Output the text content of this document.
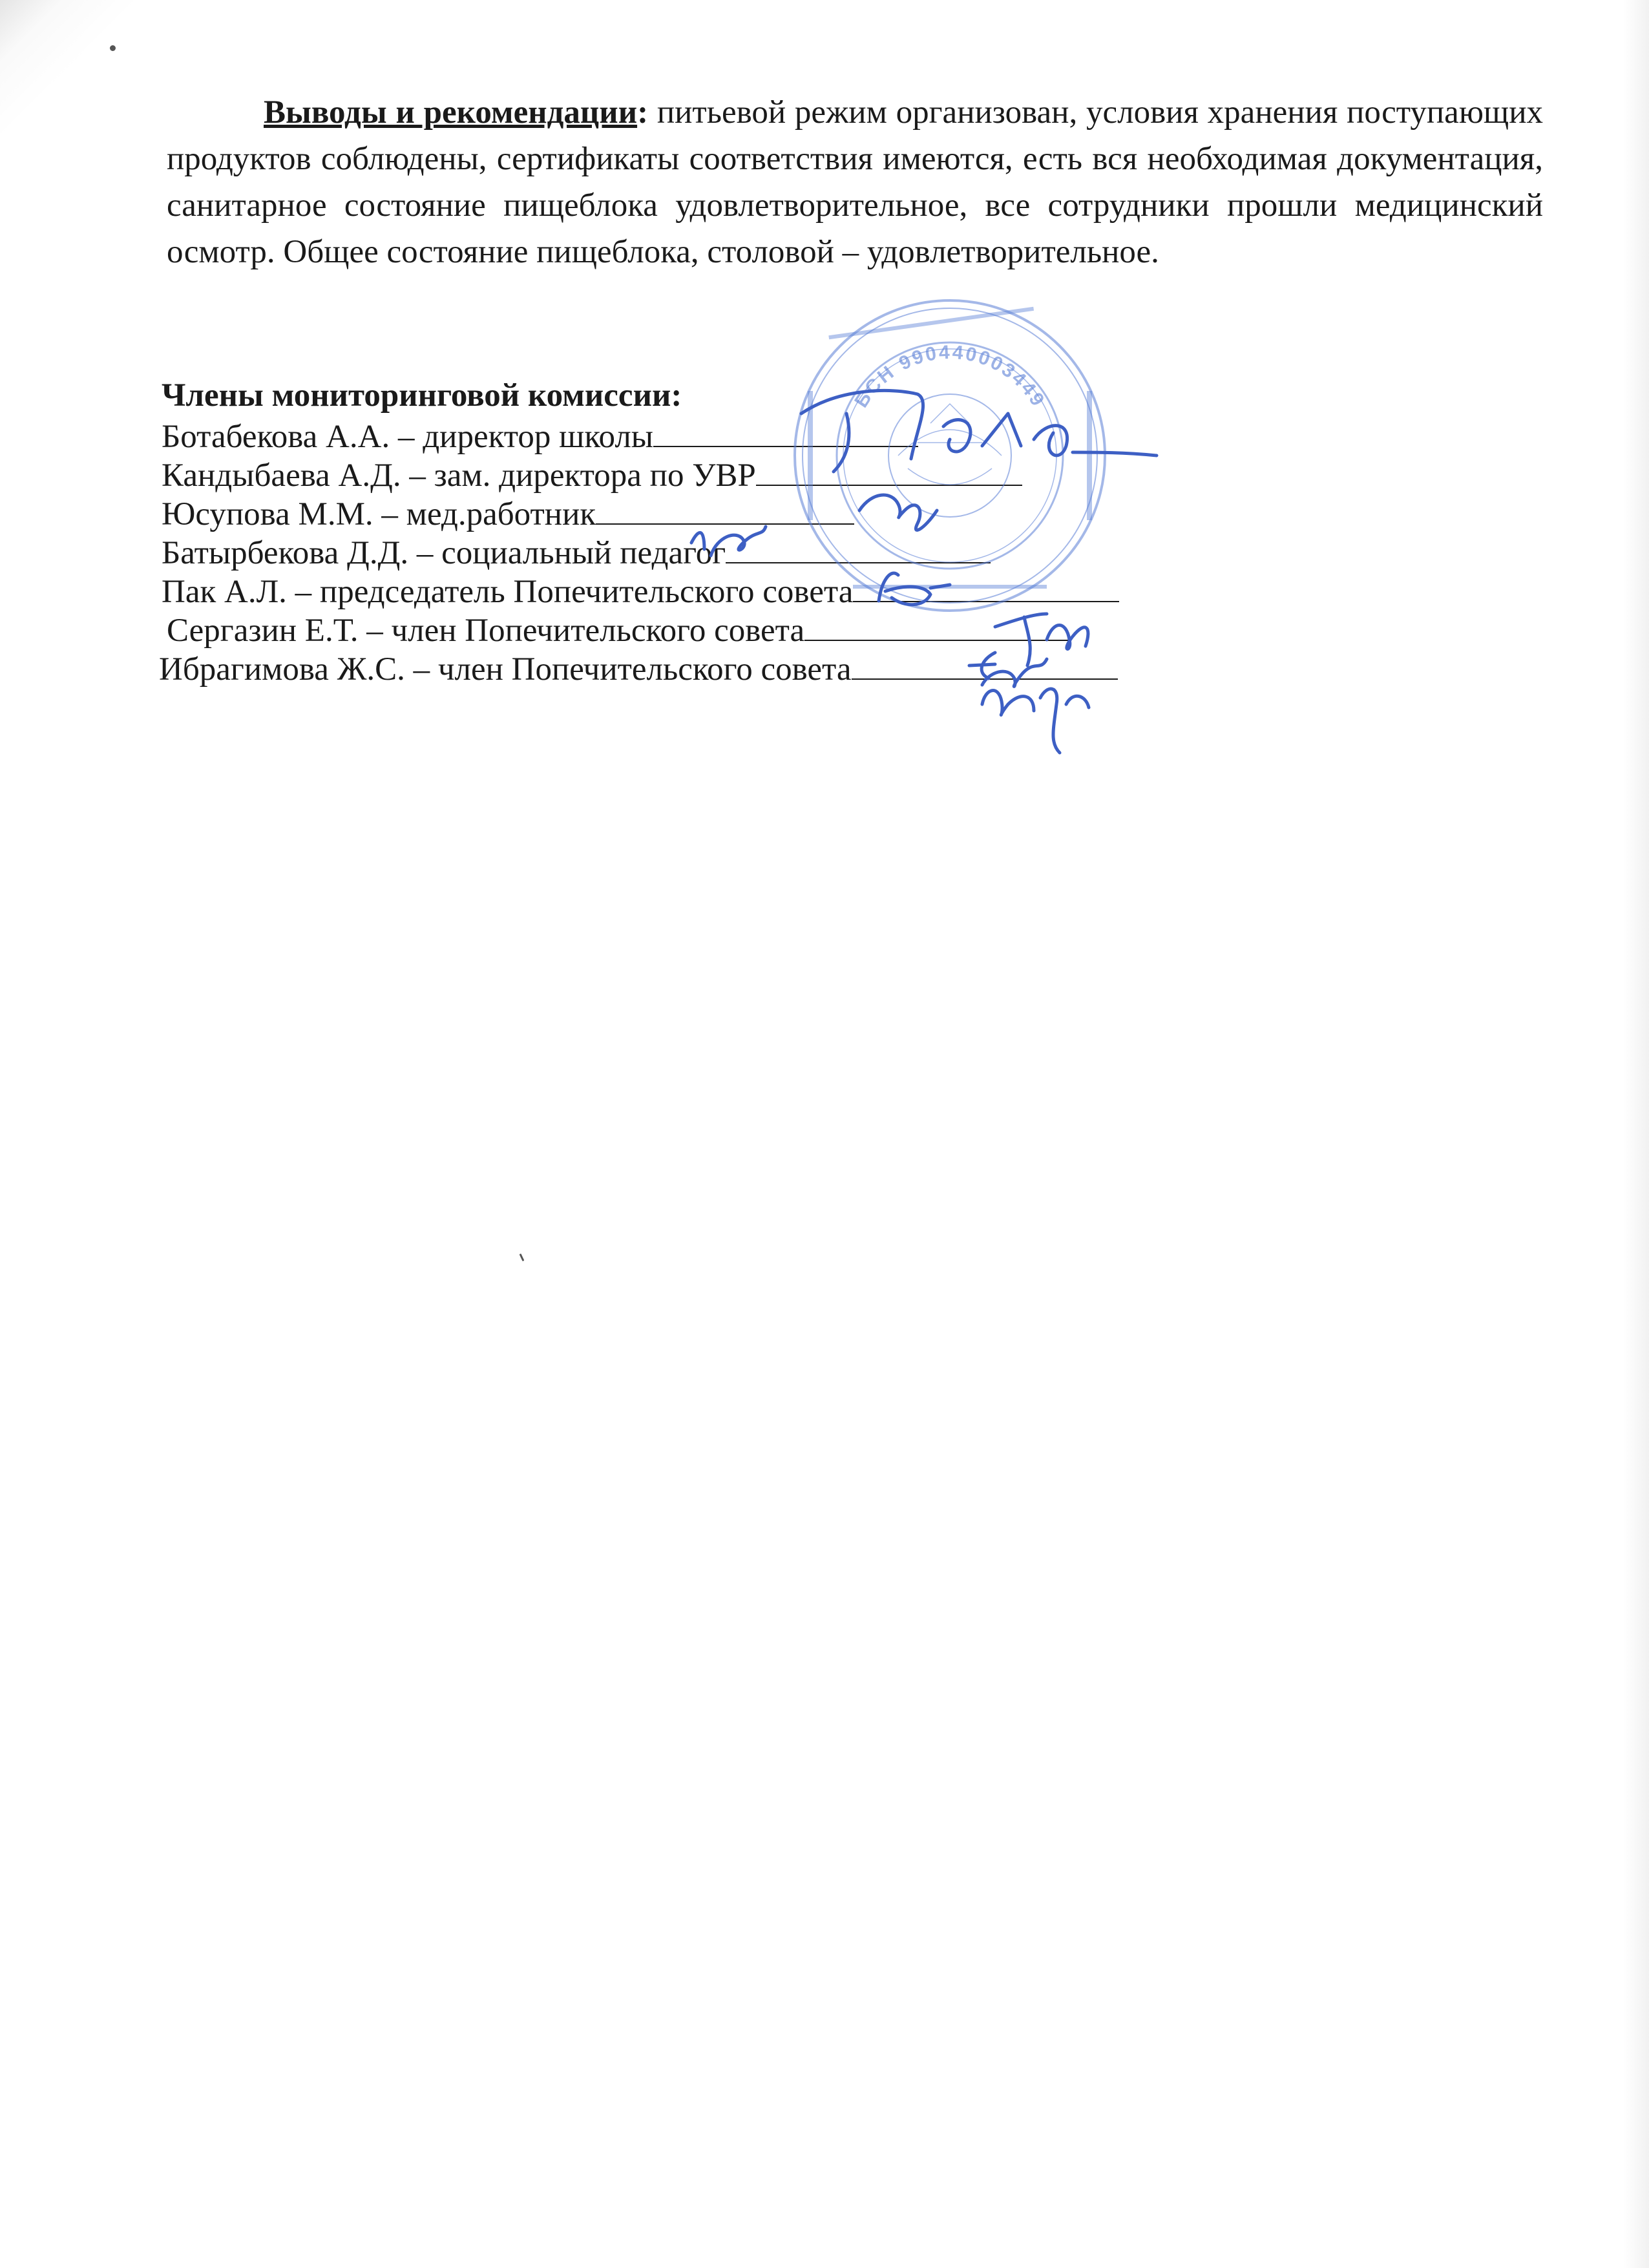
Выводы и рекомендации: питьевой режим организован, условия хранения поступающих продуктов соблюдены, сертификаты соответствия имеются, есть вся необходимая документация, санитарное состояние пищеблока удовлетворительное, все сотрудники прошли медицинский осмотр. Общее состояние пищеблока, столовой – удовлетворительное.

Члены мониторинговой комиссии:
Ботабекова А.А. – директор школы
Кандыбаева А.Д. – зам. директора по УВР
Юсупова М.М. – мед.работник
Батырбекова Д.Д. – социальный педагог
Пак А.Л. – председатель Попечительского совета
Сергазин Е.Т. – член Попечительского совета
Ибрагимова Ж.С. – член Попечительского совета
БСН 990440003449
